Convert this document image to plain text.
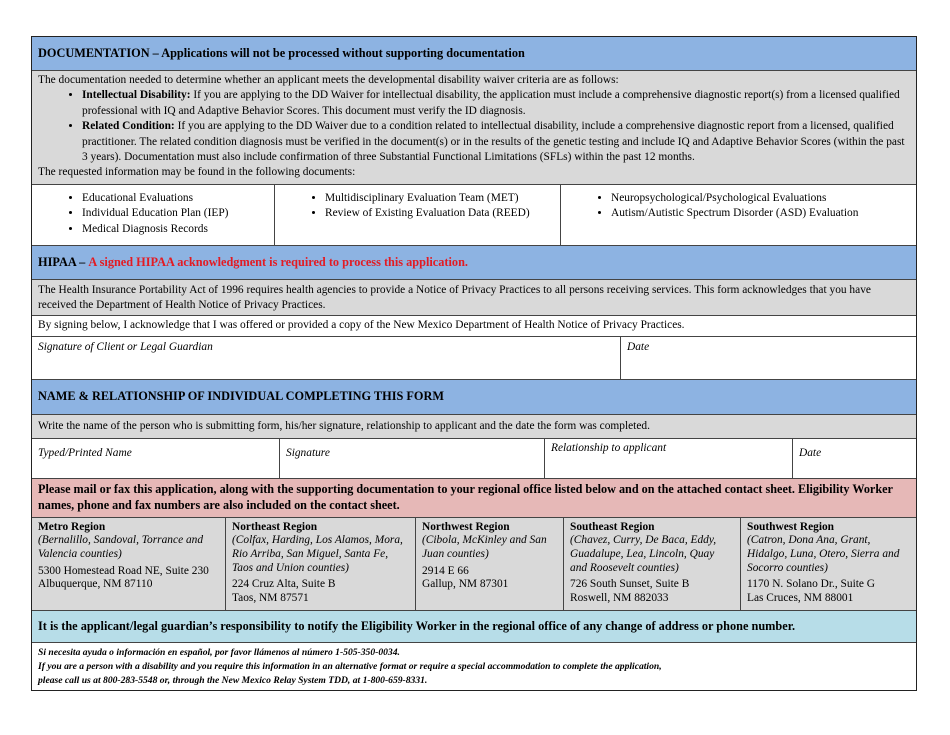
DOCUMENTATION – Applications will not be processed without supporting documentation
The documentation needed to determine whether an applicant meets the developmental disability waiver criteria are as follows:
• Intellectual Disability: If you are applying to the DD Waiver for intellectual disability, the application must include a comprehensive diagnostic report(s) from a licensed qualified professional with IQ and Adaptive Behavior Scores. This document must verify the ID diagnosis.
• Related Condition: If you are applying to the DD Waiver due to a condition related to intellectual disability, include a comprehensive diagnostic report from a licensed, qualified practitioner. The related condition diagnosis must be verified in the document(s) or in the results of the genetic testing and include IQ and Adaptive Behavior Scores (within the past 3 years). Documentation must also include confirmation of three Substantial Functional Limitations (SFLs) within the past 12 months.
The requested information may be found in the following documents:
• Educational Evaluations
• Individual Education Plan (IEP)
• Medical Diagnosis Records
• Multidisciplinary Evaluation Team (MET)
• Review of Existing Evaluation Data (REED)
• Neuropsychological/Psychological Evaluations
• Autism/Autistic Spectrum Disorder (ASD) Evaluation
HIPAA –
A signed HIPAA acknowledgment is required to process this application.
The Health Insurance Portability Act of 1996 requires health agencies to provide a Notice of Privacy Practices to all persons receiving services. This form acknowledges that you have received the Department of Health Notice of Privacy Practices.
By signing below, I acknowledge that I was offered or provided a copy of the New Mexico Department of Health Notice of Privacy Practices.
Signature of Client or Legal Guardian	Date
NAME & RELATIONSHIP OF INDIVIDUAL COMPLETING THIS FORM
Write the name of the person who is submitting form, his/her signature, relationship to applicant and the date the form was completed.
Typed/Printed Name	Signature	Relationship to applicant	Date
Please mail or fax this application, along with the supporting documentation to your regional office listed below and on the attached contact sheet. Eligibility Worker names, phone and fax numbers are also included on the contact sheet.
Metro Region
(Bernalillo, Sandoval, Torrance and Valencia counties)
5300 Homestead Road NE, Suite 230
Albuquerque, NM 87110
Northeast Region
(Colfax, Harding, Los Alamos, Mora, Rio Arriba, San Miguel, Santa Fe, Taos and Union counties)
224 Cruz Alta, Suite B
Taos, NM 87571
Northwest Region
(Cibola, McKinley and San Juan counties)
2914 E 66
Gallup, NM 87301
Southeast Region
(Chavez, Curry, De Baca, Eddy, Guadalupe, Lea, Lincoln, Quay and Roosevelt counties)
726 South Sunset, Suite B
Roswell, NM 882033
Southwest Region
(Catron, Dona Ana, Grant, Hidalgo, Luna, Otero, Sierra and Socorro counties)
1170 N. Solano Dr., Suite G
Las Cruces, NM 88001
It is the applicant/legal guardian’s responsibility to notify the Eligibility Worker in the regional office of any change of address or phone number.
Si necesita ayuda o información en español, por favor llámenos al número 1-505-350-0034.
If you are a person with a disability and you require this information in an alternative format or require a special accommodation to complete the application,
please call us at 800-283-5548 or, through the New Mexico Relay System TDD, at 1-800-659-8331.
